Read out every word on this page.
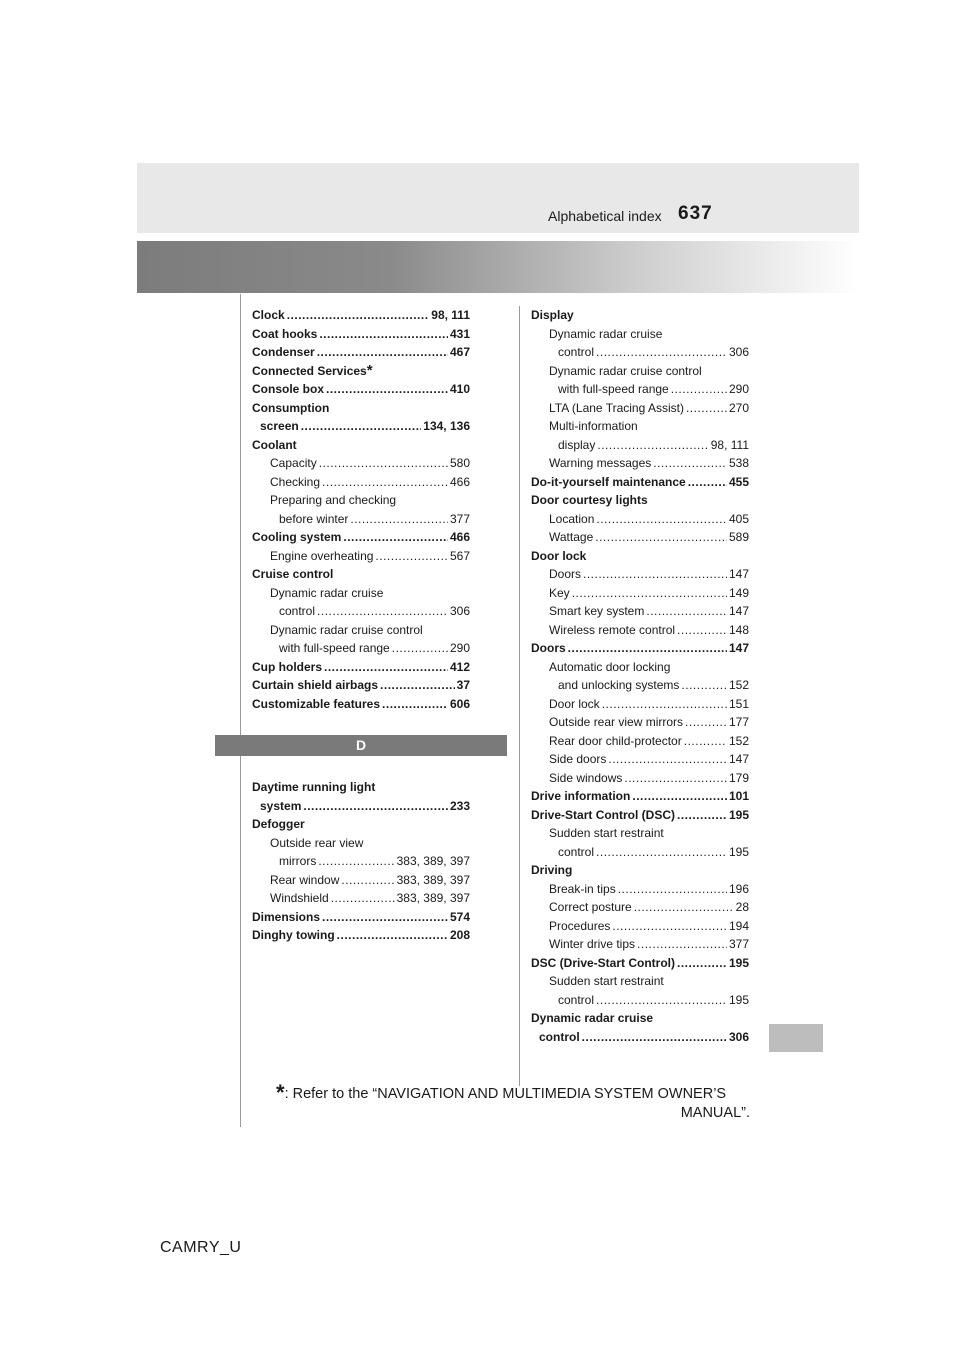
Alphabetical index 637
Clock .....	98, 111
Coat hooks .....	431
Condenser .....	467
Connected Services *
Console box .....	410
Consumption
screen .....	134, 136
Coolant
Capacity .....	580
Checking .....	466
Preparing and checking
before winter .....	377
Cooling system .....	466
Engine overheating .....	567
Cruise control
Dynamic radar cruise
control .....	306
Dynamic radar cruise control
with full-speed range .....	290
Cup holders .....	412
Curtain shield airbags .....	37
Customizable features .....	606
D
Daytime running light
system .....	233
Defogger
Outside rear view
mirrors .....	383, 389, 397
Rear window .....	383, 389, 397
Windshield .....	383, 389, 397
Dimensions .....	574
Dinghy towing .....	208
Display
Dynamic radar cruise
control .....	306
Dynamic radar cruise control
with full-speed range .....	290
LTA (Lane Tracing Assist) .....	270
Multi-information
display .....	98, 111
Warning messages .....	538
Do-it-yourself maintenance .....	455
Door courtesy lights
Location .....	405
Wattage .....	589
Door lock
Doors .....	147
Key .....	149
Smart key system .....	147
Wireless remote control .....	148
Doors .....	147
Automatic door locking
and unlocking systems .....	152
Door lock .....	151
Outside rear view mirrors .....	177
Rear door child-protector .....	152
Side doors .....	147
Side windows .....	179
Drive information .....	101
Drive-Start Control (DSC) .....	195
Sudden start restraint
control .....	195
Driving
Break-in tips .....	196
Correct posture .....	28
Procedures .....	194
Winter drive tips .....	377
DSC (Drive-Start Control) .....	195
Sudden start restraint
control .....	195
Dynamic radar cruise
control .....	306
*: Refer to the “NAVIGATION AND MULTIMEDIA SYSTEM OWNER’S
MANUAL”.
CAMRY_U
